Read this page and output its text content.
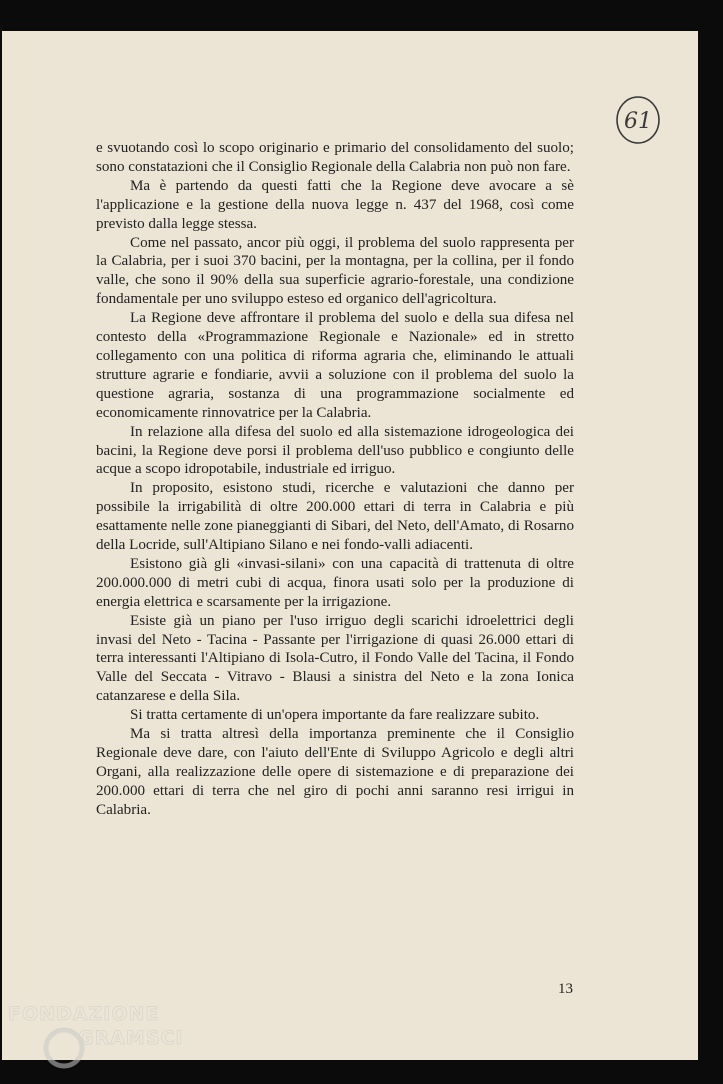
61

e svuotando così lo scopo originario e primario del consolidamento del suolo; sono constatazioni che il Consiglio Regionale della Calabria non può non fare.

Ma è partendo da questi fatti che la Regione deve avocare a sè l'applicazione e la gestione della nuova legge n. 437 del 1968, così come previsto dalla legge stessa.

Come nel passato, ancor più oggi, il problema del suolo rappresenta per la Calabria, per i suoi 370 bacini, per la montagna, per la collina, per il fondo valle, che sono il 90% della sua superficie agrario-forestale, una condizione fondamentale per uno sviluppo esteso ed organico dell'agricoltura.

La Regione deve affrontare il problema del suolo e della sua difesa nel contesto della «Programmazione Regionale e Nazionale» ed in stretto collegamento con una politica di riforma agraria che, eliminando le attuali strutture agrarie e fondiarie, avvii a soluzione con il problema del suolo la questione agraria, sostanza di una programmazione socialmente ed economicamente rinnovatrice per la Calabria.

In relazione alla difesa del suolo ed alla sistemazione idrogeologica dei bacini, la Regione deve porsi il problema dell'uso pubblico e congiunto delle acque a scopo idropotabile, industriale ed irriguo.

In proposito, esistono studi, ricerche e valutazioni che danno per possibile la irrigabilità di oltre 200.000 ettari di terra in Calabria e più esattamente nelle zone pianeggianti di Sibari, del Neto, dell'Amato, di Rosarno della Locride, sull'Altipiano Silano e nei fondo-valli adiacenti.

Esistono già gli «invasi-silani» con una capacità di trattenuta di oltre 200.000.000 di metri cubi di acqua, finora usati solo per la produzione di energia elettrica e scarsamente per la irrigazione.

Esiste già un piano per l'uso irriguo degli scarichi idroelettrici degli invasi del Neto - Tacina - Passante per l'irrigazione di quasi 26.000 ettari di terra interessanti l'Altipiano di Isola-Cutro, il Fondo Valle del Tacina, il Fondo Valle del Seccata - Vitravo - Blausi a sinistra del Neto e la zona Ionica catanzarese e della Sila.

Si tratta certamente di un'opera importante da fare realizzare subito.

Ma si tratta altresì della importanza preminente che il Consiglio Regionale deve dare, con l'aiuto dell'Ente di Sviluppo Agricolo e degli altri Organi, alla realizzazione delle opere di sistemazione e di preparazione dei 200.000 ettari di terra che nel giro di pochi anni saranno resi irrigui in Calabria.

13
FONDAZIONE
GRAMSCI
